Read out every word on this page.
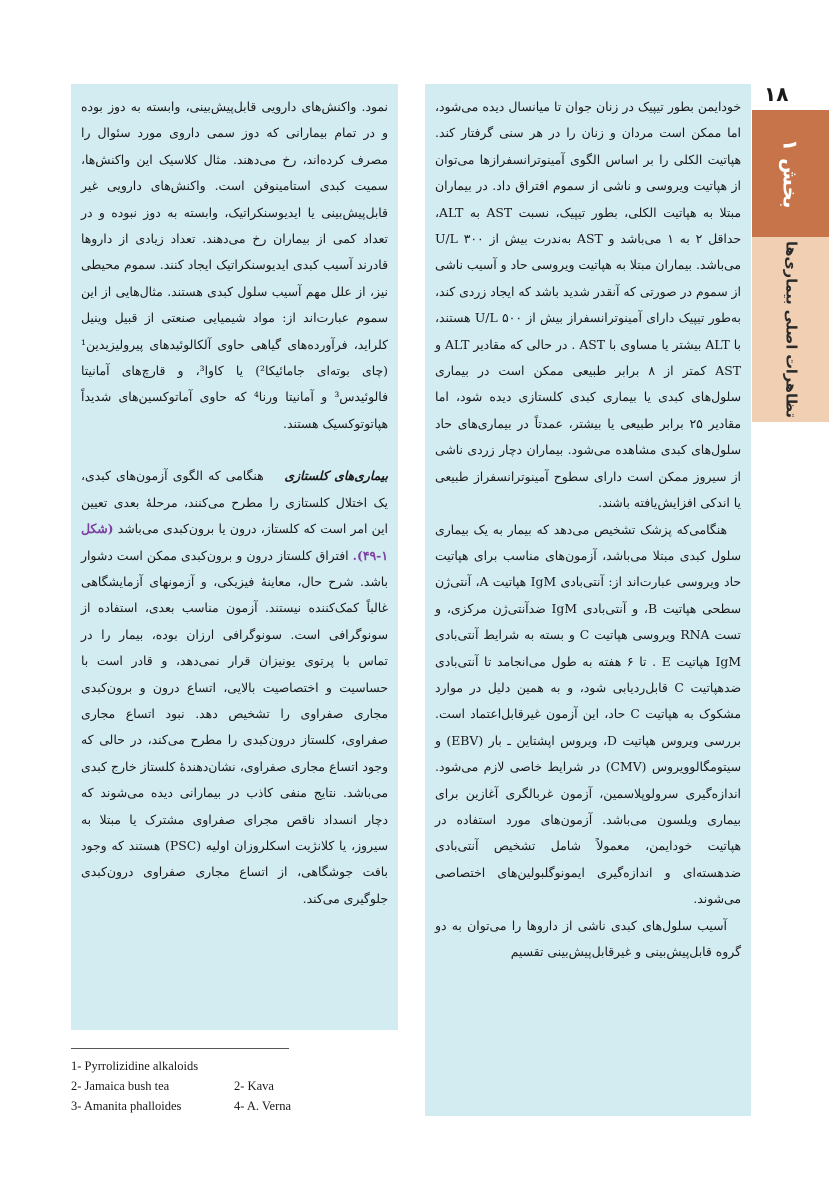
۱۸
بخش ۱
تظاهرات اصلی بیماری‌ها

خودایمن بطور تیپیک در زنان جوان تا میانسال دیده می‌شود، اما ممکن است مردان و زنان را در هر سنی گرفتار کند. هپاتیت الکلی را بر اساس الگوی آمینوترانسفرازها می‌توان از هپاتیت ویروسی و ناشی از سموم افتراق داد. در بیماران مبتلا به هپاتیت الکلی، بطور تیپیک، نسبت AST به ALT، حداقل ۲ به ۱ می‌باشد و AST به‌ندرت بیش از ۳۰۰ U/L می‌باشد. بیماران مبتلا به هپاتیت ویروسی حاد و آسیب ناشی از سموم در صورتی که آنقدر شدید باشد که ایجاد زردی کند، به‌طور تیپیک دارای آمینوترانسفراز بیش از ۵۰۰ U/L هستند، با ALT بیشتر یا مساوی با AST . در حالی که مقادیر ALT و AST کمتر از ۸ برابر طبیعی ممکن است در بیماری سلول‌های کبدی یا بیماری کبدی کلستازی دیده شود، اما مقادیر ۲۵ برابر طبیعی یا بیشتر، عمدتاً در بیماری‌های حاد سلول‌های کبدی مشاهده می‌شود. بیماران دچار زردی ناشی از سیروز ممکن است دارای سطوح آمینوترانسفراز طبیعی یا اندکی افزایش‌یافته باشند.

هنگامی‌که پزشک تشخیص می‌دهد که بیمار به یک بیماری سلول کبدی مبتلا می‌باشد، آزمون‌های مناسب برای هپاتیت حاد ویروسی عبارت‌اند از: آنتی‌بادی IgM هپاتیت A، آنتی‌ژن سطحی هپاتیت B، و آنتی‌بادی IgM ضدآنتی‌ژن مرکزی، و تست RNA ویروسی هپاتیت C و بسته به شرایط آنتی‌بادی IgM هپاتیت E . تا ۶ هفته به طول می‌انجامد تا آنتی‌بادی ضدهپاتیت C قابل‌ردیابی شود، و به همین دلیل در موارد مشکوک به هپاتیت C حاد، این آزمون غیرقابل‌اعتماد است. بررسی ویروس هپاتیت D، ویروس اپشتاین ـ بار (EBV) و سیتومگالوویروس (CMV) در شرایط خاصی لازم می‌شود. اندازه‌گیری سرولوپلاسمین، آزمون غربالگری آغازین برای بیماری ویلسون می‌باشد. آزمون‌های مورد استفاده در هپاتیت خودایمن، معمولاً شامل تشخیص آنتی‌بادی ضدهسته‌ای و اندازه‌گیری ایمونوگلبولین‌های اختصاصی می‌شوند.

آسیب سلول‌های کبدی ناشی از داروها را می‌توان به دو گروه قابل‌پیش‌بینی و غیرقابل‌پیش‌بینی تقسیم

نمود. واکنش‌های دارویی قابل‌پیش‌بینی، وابسته به دوز بوده و در تمام بیمارانی که دوز سمی داروی مورد سئوال را مصرف کرده‌اند، رخ می‌دهند. مثال کلاسیک این واکنش‌ها، سمیت کبدی استامینوفن است. واکنش‌های دارویی غیر قابل‌پیش‌بینی یا ایدیوسنکراتیک، وابسته به دوز نبوده و در تعداد کمی از بیماران رخ می‌دهند. تعداد زیادی از داروها قادرند آسیب کبدی ایدیوسنکراتیک ایجاد کنند. سموم محیطی نیز، از علل مهم آسیب سلول کبدی هستند. مثال‌هایی از این سموم عبارت‌اند از: مواد شیمیایی صنعتی از قبیل وینیل کلراید، فرآورده‌های گیاهی حاوی آلکالوئیدهای پیرولیزیدین¹ (چای بوته‌ای جامائیکا²) یا کاوا³، و قارچ‌های آمانیتا فالوئیدس³ و آمانیتا ورنا⁴ که حاوی آماتوکسین‌های شدیداً هپاتوتوکسیک هستند.

بیماری‌های کلستازی    هنگامی که الگوی آزمون‌های کبدی، یک اختلال کلستازی را مطرح می‌کنند، مرحلهٔ بعدی تعیین این امر است که کلستاز، درون یا برون‌کبدی می‌باشد (شکل ۱-۴۹). افتراق کلستاز درون و برون‌کبدی ممکن است دشوار باشد. شرح حال، معاینهٔ فیزیکی، و آزمونهای آزمایشگاهی غالباً کمک‌کننده نیستند. آزمون مناسب بعدی، استفاده از سونوگرافی است. سونوگرافی ارزان بوده، بیمار را در تماس با پرتوی یونیزان قرار نمی‌دهد، و قادر است با حساسیت و اختصاصیت بالایی، اتساع درون و برون‌کبدی مجاری صفراوی را تشخیص دهد. نبود اتساع مجاری صفراوی، کلستاز درون‌کبدی را مطرح می‌کند، در حالی که وجود اتساع مجاری صفراوی، نشان‌دهندهٔ کلستاز خارج کبدی می‌باشد. نتایج منفی کاذب در بیمارانی دیده می‌شوند که دچار انسداد ناقص مجرای صفراوی مشترک یا مبتلا به سیروز، یا کلانژیت اسکلروزان اولیه (PSC) هستند که وجود بافت جوشگاهی، از اتساع مجاری صفراوی درون‌کبدی جلوگیری می‌کند.

1- Pyrrolizidine alkaloids
2- Jamaica bush tea	2- Kava
3- Amanita phalloides	4- A. Verna
